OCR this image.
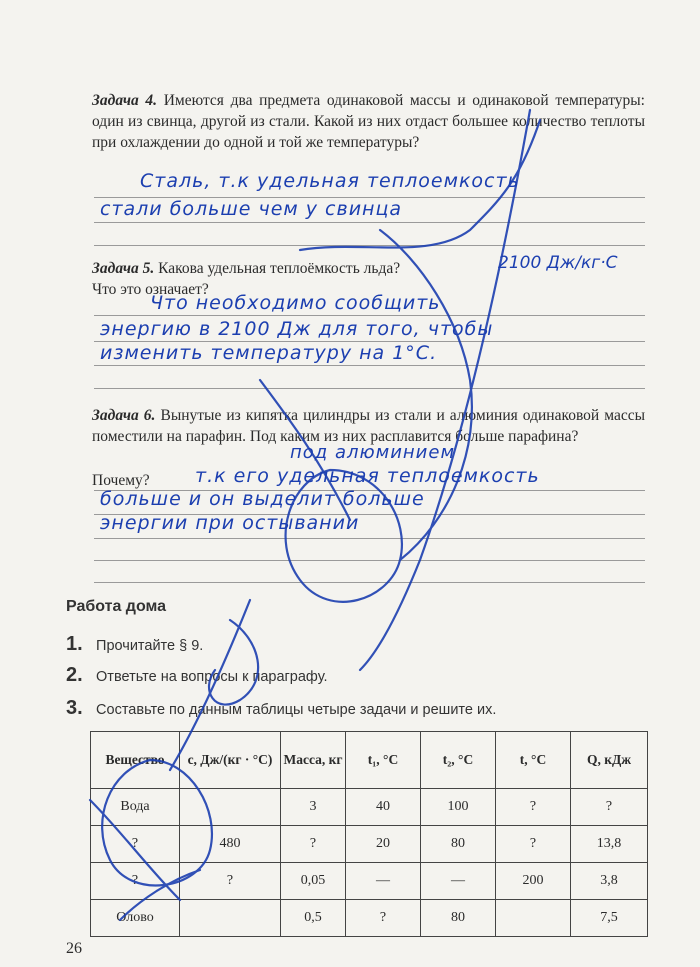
Задача 4. Имеются два предмета одинаковой массы и одинаковой температуры: один из свинца, другой из стали. Какой из них отдаст большее количество теплоты при охлаждении до одной и той же температуры?
Сталь, т.к удельная теплоемкость
стали больше чем у свинца
Задача 5. Какова удельная теплоёмкость льда?	2100 Дж/кг·С
Что это означает?
Что необходимо сообщить
энергию в 2100 Дж для того, чтобы
изменить температуру на 1°С.
Задача 6. Вынутые из кипятка цилиндры из стали и алюминия одинаковой массы поместили на парафин. Под каким из них расплавится больше парафина?
под алюминием
Почему? т.к его удельная теплоемкость
больше и он выделит больше
энергии при остывании
Работа дома
1. Прочитайте § 9.
2. Ответьте на вопросы к параграфу.
3. Составьте по данным таблицы четыре задачи и решите их.
Вещество	c, Дж/(кг · °С)	Масса, кг	t₁, °С	t₂, °С	t, °С	Q, кДж
Вода		3	40	100	?	?
?	480	?	20	80	?	13,8
?	?	0,05	—	—	200	3,8
Олово		0,5	?	80		7,5
26
